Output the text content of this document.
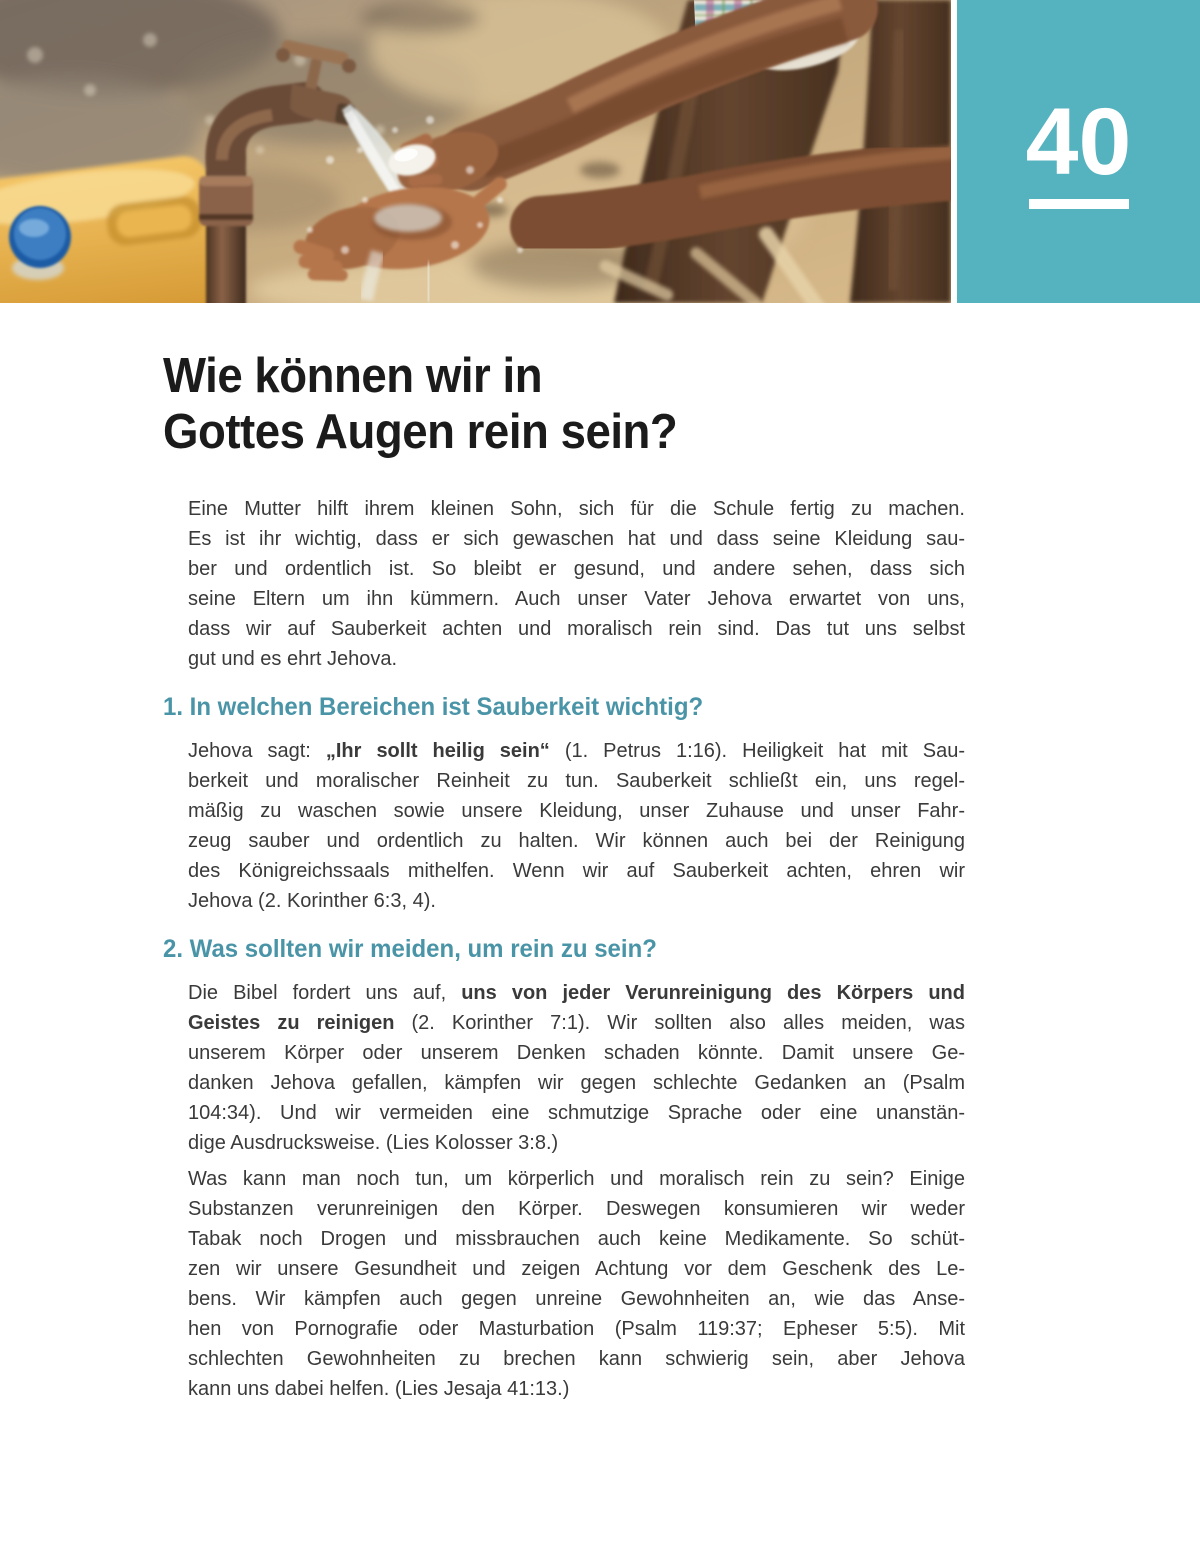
40
Wie können wir in
Gottes Augen rein sein?
Eine Mutter hilft ihrem kleinen Sohn, sich für die Schule fertig zu machen.
Es ist ihr wichtig, dass er sich gewaschen hat und dass seine Kleidung sau-
ber und ordentlich ist. So bleibt er gesund, und andere sehen, dass sich
seine Eltern um ihn kümmern. Auch unser Vater Jehova erwartet von uns,
dass wir auf Sauberkeit achten und moralisch rein sind. Das tut uns selbst
gut und es ehrt Jehova.
1. In welchen Bereichen ist Sauberkeit wichtig?
Jehova sagt: „Ihr sollt heilig sein“ (1. Petrus 1:16). Heiligkeit hat mit Sau-
berkeit und moralischer Reinheit zu tun. Sauberkeit schließt ein, uns regel-
mäßig zu waschen sowie unsere Kleidung, unser Zuhause und unser Fahr-
zeug sauber und ordentlich zu halten. Wir können auch bei der Reinigung
des Königreichssaals mithelfen. Wenn wir auf Sauberkeit achten, ehren wir
Jehova (2. Korinther 6:3, 4).
2. Was sollten wir meiden, um rein zu sein?
Die Bibel fordert uns auf, uns von jeder Verunreinigung des Körpers und
Geistes zu reinigen (2. Korinther 7:1). Wir sollten also alles meiden, was
unserem Körper oder unserem Denken schaden könnte. Damit unsere Ge-
danken Jehova gefallen, kämpfen wir gegen schlechte Gedanken an (Psalm
104:34). Und wir vermeiden eine schmutzige Sprache oder eine unanstän-
dige Ausdrucksweise. (Lies Kolosser 3:8.)
Was kann man noch tun, um körperlich und moralisch rein zu sein? Einige
Substanzen verunreinigen den Körper. Deswegen konsumieren wir weder
Tabak noch Drogen und missbrauchen auch keine Medikamente. So schüt-
zen wir unsere Gesundheit und zeigen Achtung vor dem Geschenk des Le-
bens. Wir kämpfen auch gegen unreine Gewohnheiten an, wie das Anse-
hen von Pornografie oder Masturbation (Psalm 119:37; Epheser 5:5). Mit
schlechten Gewohnheiten zu brechen kann schwierig sein, aber Jehova
kann uns dabei helfen. (Lies Jesaja 41:13.)
